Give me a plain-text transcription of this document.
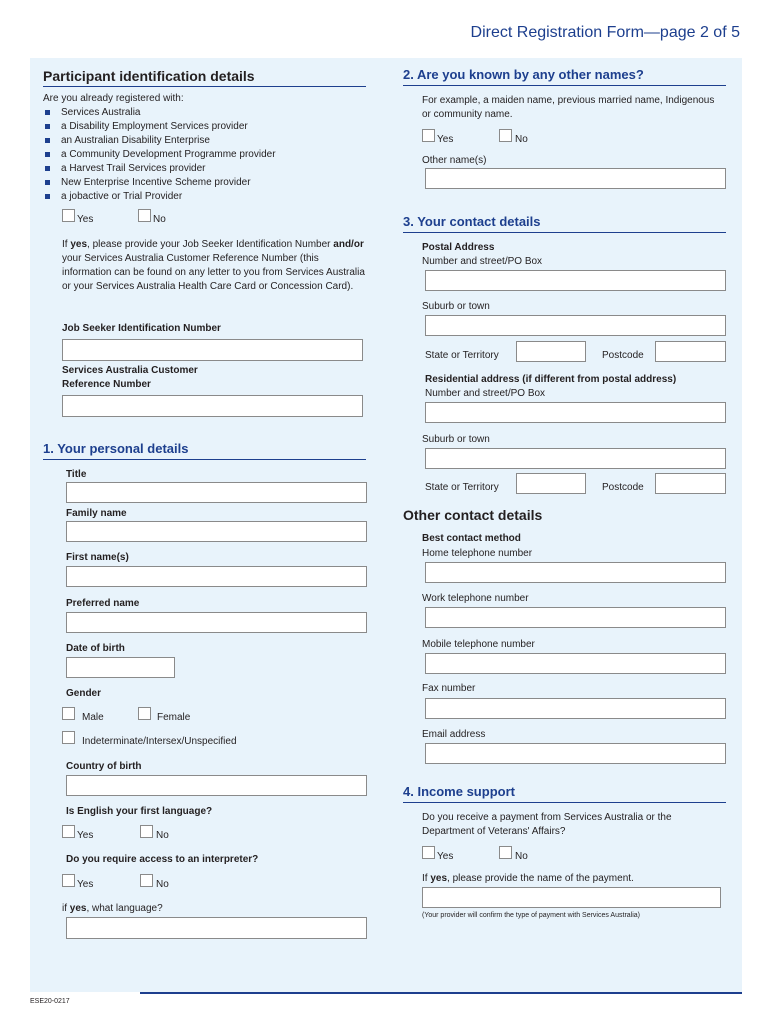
Direct Registration Form—page 2 of 5
Participant identification details
Are you already registered with:
Services Australia
a Disability Employment Services provider
an Australian Disability Enterprise
a Community Development Programme provider
a Harvest Trail Services provider
New Enterprise Incentive Scheme provider
a jobactive or Trial Provider
Yes	No
If yes, please provide your Job Seeker Identification Number and/or your Services Australia Customer Reference Number (this information can be found on any letter to you from Services Australia or your Services Australia Health Care Card or Concession Card).
Job Seeker Identification Number
Services Australia Customer
Reference Number
1. Your personal details
Title
Family name
First name(s)
Preferred name
Date of birth
Gender
Male	Female
Indeterminate/Intersex/Unspecified
Country of birth
Is English your first language?
Yes	No
Do you require access to an interpreter?
Yes	No
if yes, what language?
2. Are you known by any other names?
For example, a maiden name, previous married name, Indigenous or community name.
Yes	No
Other name(s)
3. Your contact details
Postal Address
Number and street/PO Box
Suburb or town
State or Territory	Postcode
Residential address (if different from postal address)
Number and street/PO Box
Suburb or town
State or Territory	Postcode
Other contact details
Best contact method
Home telephone number
Work telephone number
Mobile telephone number
Fax number
Email address
4. Income support
Do you receive a payment from Services Australia or the Department of Veterans' Affairs?
Yes	No
If yes, please provide the name of the payment.
(Your provider will confirm the type of payment with Services Australia)
ESE20-0217
